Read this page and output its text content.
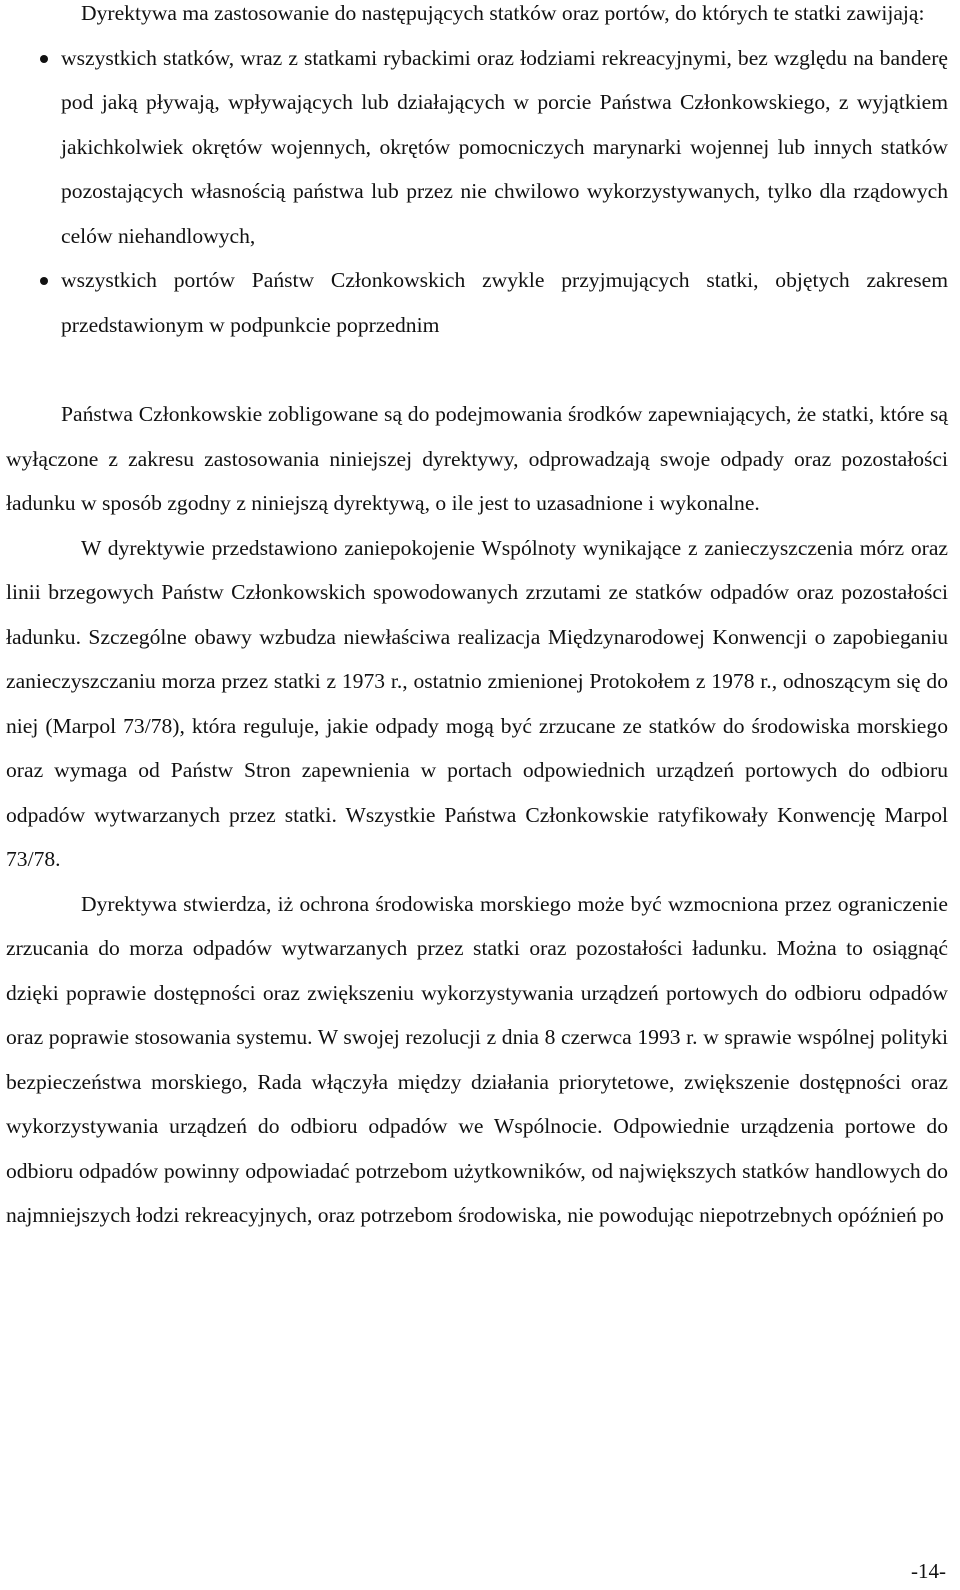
Dyrektywa ma zastosowanie do następujących statków oraz portów, do których te statki zawijają:

wszystkich statków, wraz z statkami rybackimi oraz łodziami rekreacyjnymi, bez względu na banderę pod jaką pływają, wpływających lub działających w porcie Państwa Członkowskiego, z wyjątkiem jakichkolwiek okrętów wojennych, okrętów pomocniczych marynarki wojennej lub innych statków pozostających własnością państwa lub przez nie chwilowo wykorzystywanych, tylko dla rządowych celów niehandlowych,
wszystkich portów Państw Członkowskich zwykle przyjmujących statki, objętych zakresem przedstawionym w podpunkcie poprzednim

Państwa Członkowskie zobligowane są do podejmowania środków zapewniających, że statki, które są wyłączone z zakresu zastosowania niniejszej dyrektywy, odprowadzają swoje odpady oraz pozostałości ładunku w sposób zgodny z niniejszą dyrektywą, o ile jest to uzasadnione i wykonalne.

W dyrektywie przedstawiono zaniepokojenie Wspólnoty wynikające z zanieczyszczenia mórz oraz linii brzegowych Państw Członkowskich spowodowanych zrzutami ze statków odpadów oraz pozostałości ładunku. Szczególne obawy wzbudza niewłaściwa realizacja Międzynarodowej Konwencji o zapobieganiu zanieczyszczaniu morza przez statki z 1973 r., ostatnio zmienionej Protokołem z 1978 r., odnoszącym się do niej (Marpol 73/78), która reguluje, jakie odpady mogą być zrzucane ze statków do środowiska morskiego oraz wymaga od Państw Stron zapewnienia w portach odpowiednich urządzeń portowych do odbioru odpadów wytwarzanych przez statki. Wszystkie Państwa Członkowskie ratyfikowały Konwencję Marpol 73/78.

Dyrektywa stwierdza, iż ochrona środowiska morskiego może być wzmocniona przez ograniczenie zrzucania do morza odpadów wytwarzanych przez statki oraz pozostałości ładunku. Można to osiągnąć dzięki poprawie dostępności oraz zwiększeniu wykorzystywania urządzeń portowych do odbioru odpadów oraz poprawie stosowania systemu. W swojej rezolucji z dnia 8 czerwca 1993 r. w sprawie wspólnej polityki bezpieczeństwa morskiego, Rada włączyła między działania priorytetowe, zwiększenie dostępności oraz wykorzystywania urządzeń do odbioru odpadów we Wspólnocie. Odpowiednie urządzenia portowe do odbioru odpadów powinny odpowiadać potrzebom użytkowników, od największych statków handlowych do najmniejszych łodzi rekreacyjnych, oraz potrzebom środowiska, nie powodując niepotrzebnych opóźnień po

-14-
